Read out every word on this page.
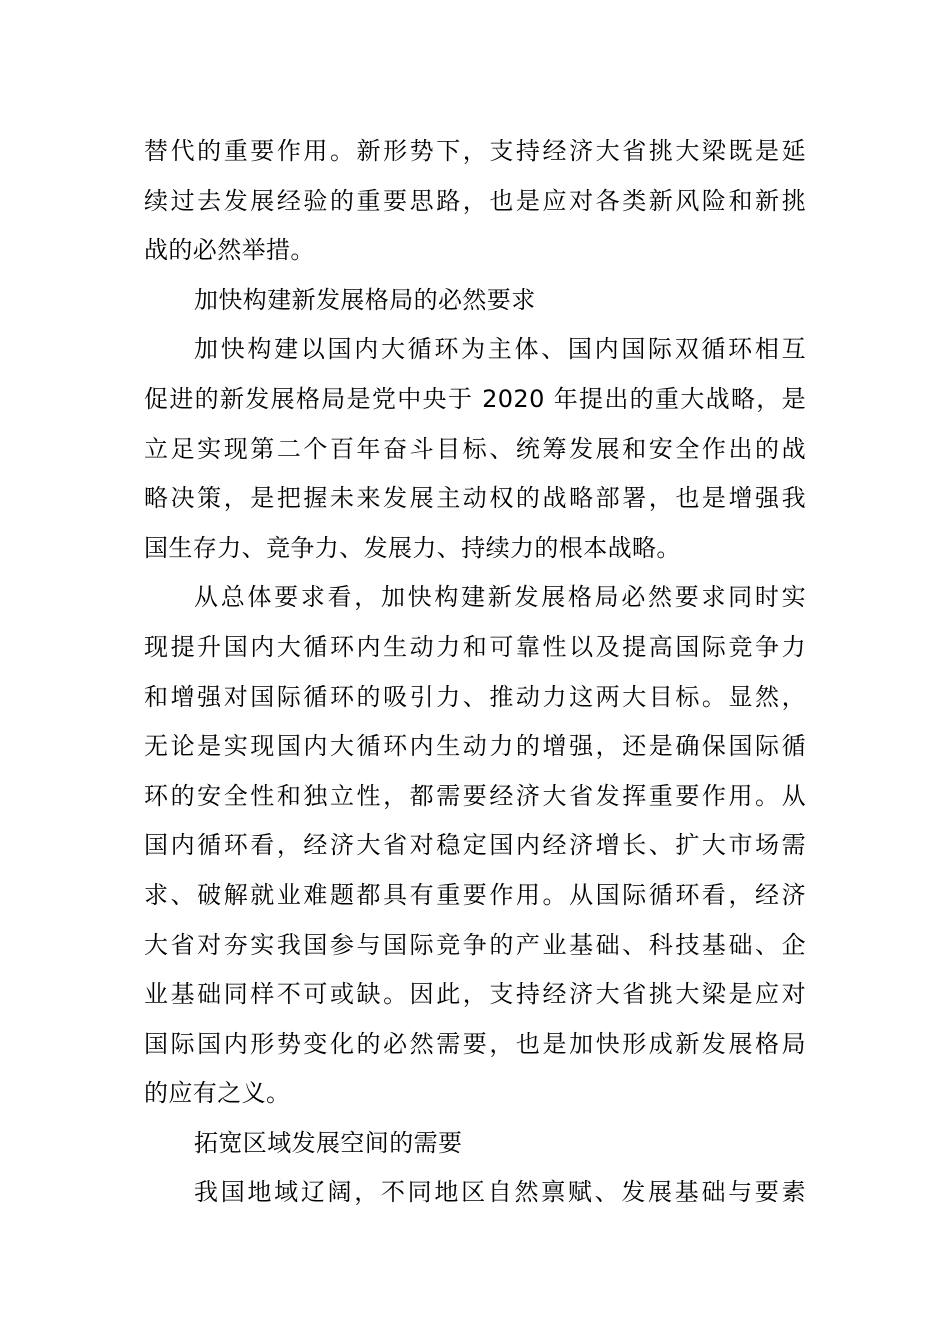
替代的重要作用。新形势下，支持经济大省挑大梁既是延
续过去发展经验的重要思路，也是应对各类新风险和新挑
战的必然举措。
加快构建新发展格局的必然要求
加快构建以国内大循环为主体、国内国际双循环相互
促进的新发展格局是党中央于 2020 年提出的重大战略，是
立足实现第二个百年奋斗目标、统筹发展和安全作出的战
略决策，是把握未来发展主动权的战略部署，也是增强我
国生存力、竞争力、发展力、持续力的根本战略。
从总体要求看，加快构建新发展格局必然要求同时实
现提升国内大循环内生动力和可靠性以及提高国际竞争力
和增强对国际循环的吸引力、推动力这两大目标。显然，
无论是实现国内大循环内生动力的增强，还是确保国际循
环的安全性和独立性，都需要经济大省发挥重要作用。从
国内循环看，经济大省对稳定国内经济增长、扩大市场需
求、破解就业难题都具有重要作用。从国际循环看，经济
大省对夯实我国参与国际竞争的产业基础、科技基础、企
业基础同样不可或缺。因此，支持经济大省挑大梁是应对
国际国内形势变化的必然需要，也是加快形成新发展格局
的应有之义。
拓宽区域发展空间的需要
我国地域辽阔，不同地区自然禀赋、发展基础与要素
